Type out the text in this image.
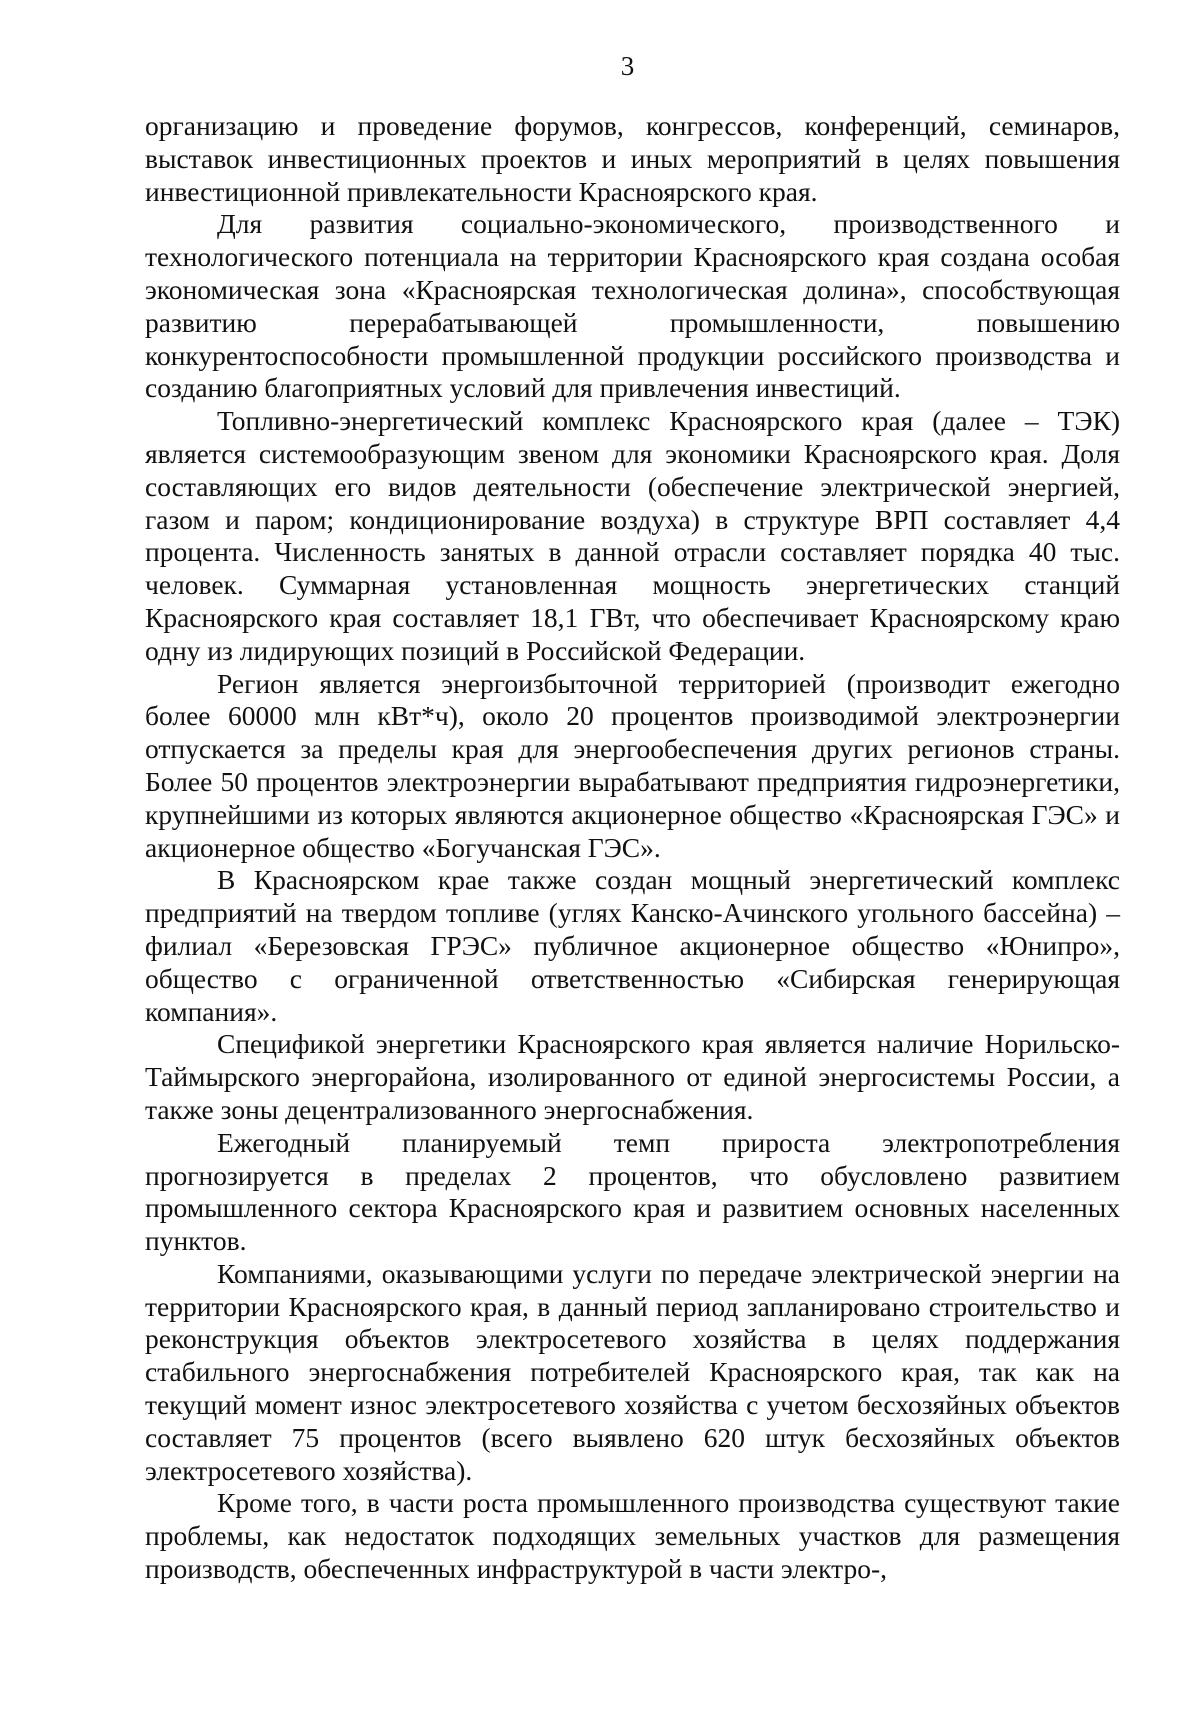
3

организацию и проведение форумов, конгрессов, конференций, семинаров, выставок инвестиционных проектов и иных мероприятий в целях повышения инвестиционной привлекательности Красноярского края.

Для развития социально-экономического, производственного и технологического потенциала на территории Красноярского края создана особая экономическая зона «Красноярская технологическая долина», способствующая развитию перерабатывающей промышленности, повышению конкурентоспособности промышленной продукции российского производства и созданию благоприятных условий для привлечения инвестиций.

Топливно-энергетический комплекс Красноярского края (далее – ТЭК) является системообразующим звеном для экономики Красноярского края. Доля составляющих его видов деятельности (обеспечение электрической энергией, газом и паром; кондиционирование воздуха) в структуре ВРП составляет 4,4 процента. Численность занятых в данной отрасли составляет порядка 40 тыс. человек. Суммарная установленная мощность энергетических станций Красноярского края составляет 18,1 ГВт, что обеспечивает Красноярскому краю одну из лидирующих позиций в Российской Федерации.

Регион является энергоизбыточной территорией (производит ежегодно более 60000 млн кВт*ч), около 20 процентов производимой электроэнергии отпускается за пределы края для энергообеспечения других регионов страны. Более 50 процентов электроэнергии вырабатывают предприятия гидроэнергетики, крупнейшими из которых являются акционерное общество «Красноярская ГЭС» и акционерное общество «Богучанская ГЭС».

В Красноярском крае также создан мощный энергетический комплекс предприятий на твердом топливе (углях Канско-Ачинского угольного бассейна) – филиал «Березовская ГРЭС» публичное акционерное общество «Юнипро», общество с ограниченной ответственностью «Сибирская генерирующая компания».

Спецификой энергетики Красноярского края является наличие Норильско-Таймырского энергорайона, изолированного от единой энергосистемы России, а также зоны децентрализованного энергоснабжения.

Ежегодный планируемый темп прироста электропотребления прогнозируется в пределах 2 процентов, что обусловлено развитием промышленного сектора Красноярского края и развитием основных населенных пунктов.

Компаниями, оказывающими услуги по передаче электрической энергии на территории Красноярского края, в данный период запланировано строительство и реконструкция объектов электросетевого хозяйства в целях поддержания стабильного энергоснабжения потребителей Красноярского края, так как на текущий момент износ электросетевого хозяйства с учетом бесхозяйных объектов составляет 75 процентов (всего выявлено 620 штук бесхозяйных объектов электросетевого хозяйства).

Кроме того, в части роста промышленного производства существуют такие проблемы, как недостаток подходящих земельных участков для размещения производств, обеспеченных инфраструктурой в части электро-,
